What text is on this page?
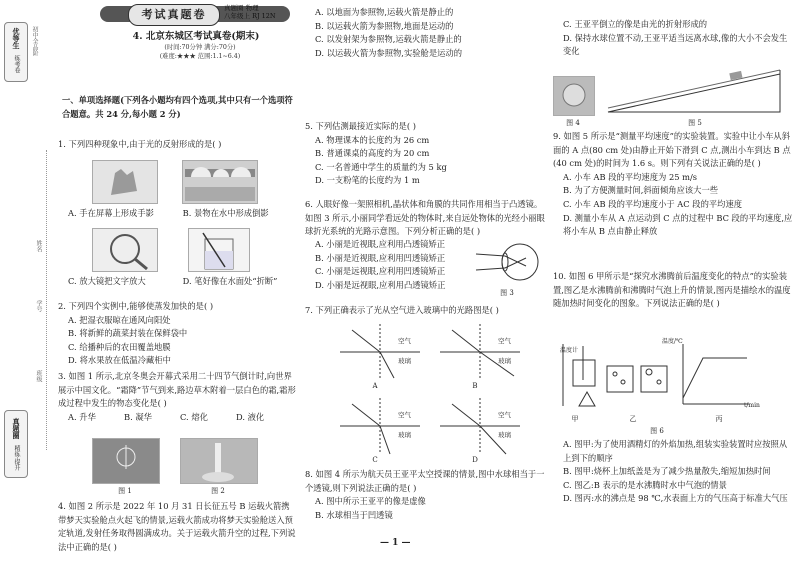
优等生
练考卷
初中全品阶
姓名
学号
班级
真题圈
精练·提升
考试真题卷	真题圈 物理
八年级上 RJ 12N
4. 北京东城区考试真卷(期末)
(时间:70分钟 满分:70分)
(难度:★★★ 范围:1.1~6.4)
一、单项选择题(下列各小题均有四个选项,其中只有一个选项符合题意。共 24 分,每小题 2 分)

1. 下列四种现象中,由于光的反射形成的是( )

A. 手在屏幕上形成手影	B. 景物在水中形成倒影
C. 放大镜把文字放大	D. 笔好像在水面处“折断”

2. 下列四个实例中,能够使蒸发加快的是( )

A. 把湿衣服晾在通风向阳处

B. 将新鲜的蔬菜封装在保鲜袋中

C. 给播种后的农田覆盖地膜

D. 将水果放在低温冷藏柜中

3. 如图 1 所示,北京冬奥会开幕式采用二十四节气倒计时,向世界展示中国文化。“霜降”节气到来,路边草木附着一层白色的霜,霜形成过程中发生的物态变化是( )

A. 升华	B. 凝华	C. 熔化	D. 液化

图 1	图 2

4. 如图 2 所示是 2022 年 10 月 31 日长征五号 B 运载火箭携带梦天实验舱点火起飞的情景,运载火箭成功将梦天实验舱送入预定轨道,发射任务取得圆满成功。关于运载火箭升空的过程,下列说法中正确的是( )

A. 以地面为参照物,运载火箭是静止的

B. 以运载火箭为参照物,地面是运动的

C. 以发射架为参照物,运载火箭是静止的

D. 以运载火箭为参照物,实验舱是运动的

5. 下列估测最接近实际的是( )

A. 物理课本的长度约为 26 cm

B. 普通课桌的高度约为 20 cm

C. 一名普通中学生的质量约为 5 kg

D. 一支粉笔的长度约为 1 m

6. 人眼好像一架照相机,晶状体和角膜的共同作用相当于凸透镜。如图 3 所示,小丽同学看远处的物体时,来自远处物体的光经小丽眼球折光系统的光路示意图。下列分析正确的是( )

A. 小丽是近视眼,应利用凸透镜矫正

B. 小丽是近视眼,应利用凹透镜矫正

C. 小丽是远视眼,应利用凹透镜矫正

D. 小丽是远视眼,应利用凸透镜矫正

图 3

7. 下列正确表示了光从空气进入玻璃中的光路图是( )

空气
玻璃
空气
玻璃
空气
玻璃
空气
玻璃
A	B
C	D

8. 如图 4 所示为航天员王亚平太空授课的情景,图中水球相当于一个透镜,则下列说法正确的是( )

A. 图中所示王亚平的像是虚像

B. 水球相当于凹透镜

C. 王亚平倒立的像是由光的折射形成的

D. 保持水球位置不动,王亚平适当远离水球,像的大小不会发生变化

图 4	图 5

9. 如图 5 所示是“测量平均速度”的实验装置。实验中让小车从斜面的 A 点(80 cm 处)由静止开始下滑到 C 点,测出小车到达 B 点(40 cm 处)的时间为 1.6 s。则下列有关说法正确的是( )

A. 小车 AB 段的平均速度为 25 m/s

B. 为了方便测量时间,斜面倾角应该大一些

C. 小车 AB 段的平均速度小于 AC 段的平均速度

D. 测量小车从 A 点运动到 C 点的过程中 BC 段的平均速度,应将小车从 B 点由静止释放

10. 如图 6 甲所示是“探究水沸腾前后温度变化的特点”的实验装置,图乙是水沸腾前和沸腾时气泡上升的情景,图丙是描绘水的温度随加热时间变化的图象。下列说法正确的是( )

温度计
温度/℃
t/min
甲	乙	丙
图 6

A. 图甲:为了使用酒精灯的外焰加热,组装实验装置时应按照从上到下的顺序

B. 图甲:烧杯上加纸盖是为了减少热量散失,缩短加热时间

C. 图乙:B 表示的是水沸腾时水中气泡的情景

D. 图丙:水的沸点是 98 ℃,水表面上方的气压高于标准大气压

— 1 —
